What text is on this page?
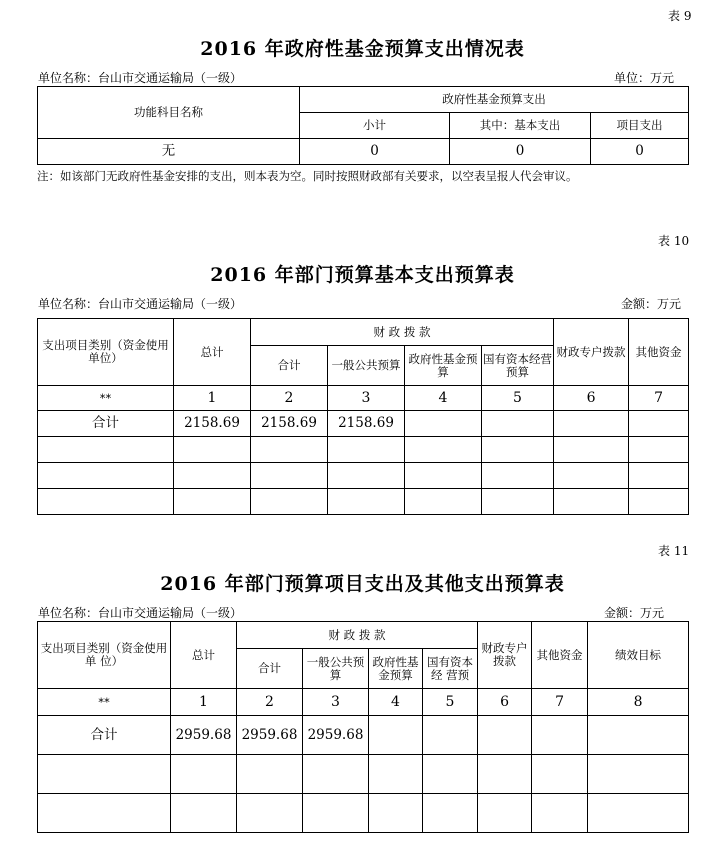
表 9
2016 年政府性基金预算支出情况表
单位名称：台山市交通运输局（一级）	单位：万元
功能科目名称	政府性基金预算支出		
	小计	其中：基本支出	项目支出
无	0	0	0
注：如该部门无政府性基金安排的支出，则本表为空。同时按照财政部有关要求，以空表呈报人代会审议。
表 10
2016 年部门预算基本支出预算表
单位名称：台山市交通运输局（一级）	金额：万元
支出项目类别（资金使用单位）	总计	财 政 拨 款				财政专户拨款	其他资金
		合计	一般公共预算	政府性基金预算	国有资本经营预算		
**	1	2	3	4	5	6	7
合计	2158.69	2158.69	2158.69				

表 11
2016 年部门预算项目支出及其他支出预算表
单位名称：台山市交通运输局（一级）	金额：万元
支出项目类别（资金使用单 位）	总计	财 政 拨 款				财政专户拨款	其他资金	绩效目标
		合计	一般公共预算	政府性基金预算	国有资本经 营预			
**	1	2	3	4	5	6	7	8
合计	2959.68	2959.68	2959.68					
